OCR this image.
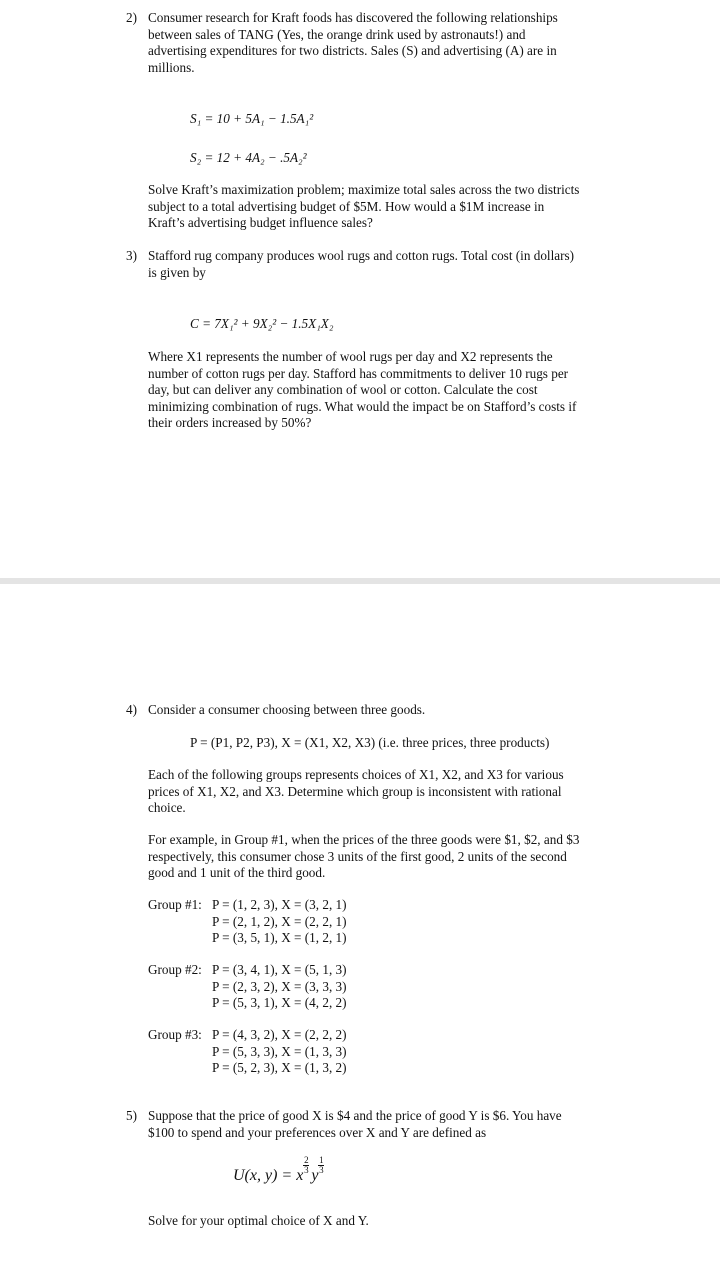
2) Consumer research for Kraft foods has discovered the following relationships
between sales of TANG (Yes, the orange drink used by astronauts!) and
advertising expenditures for two districts. Sales (S) and advertising (A) are in
millions.
S₁ = 10 + 5A₁ − 1.5A₁²
S₂ = 12 + 4A₂ − .5A₂²
Solve Kraft’s maximization problem; maximize total sales across the two districts
subject to a total advertising budget of $5M. How would a $1M increase in
Kraft’s advertising budget influence sales?
3) Stafford rug company produces wool rugs and cotton rugs. Total cost (in dollars)
is given by
C = 7X₁² + 9X₂² − 1.5X₁X₂
Where X1 represents the number of wool rugs per day and X2 represents the
number of cotton rugs per day. Stafford has commitments to deliver 10 rugs per
day, but can deliver any combination of wool or cotton. Calculate the cost
minimizing combination of rugs. What would the impact be on Stafford’s costs if
their orders increased by 50%?
4) Consider a consumer choosing between three goods.
P = (P1, P2, P3), X = (X1, X2, X3) (i.e. three prices, three products)
Each of the following groups represents choices of X1, X2, and X3 for various
prices of X1, X2, and X3. Determine which group is inconsistent with rational
choice.
For example, in Group #1, when the prices of the three goods were $1, $2, and $3
respectively, this consumer chose 3 units of the first good, 2 units of the second
good and 1 unit of the third good.
Group #1: P = (1, 2, 3), X = (3, 2, 1)
P = (2, 1, 2), X = (2, 2, 1)
P = (3, 5, 1), X = (1, 2, 1)
Group #2: P = (3, 4, 1), X = (5, 1, 3)
P = (2, 3, 2), X = (3, 3, 3)
P = (5, 3, 1), X = (4, 2, 2)
Group #3: P = (4, 3, 2), X = (2, 2, 2)
P = (5, 3, 3), X = (1, 3, 3)
P = (5, 2, 3), X = (1, 3, 2)
5) Suppose that the price of good X is $4 and the price of good Y is $6. You have
$100 to spend and your preferences over X and Y are defined as
U(x, y) = x
$\frac{2}{3}$
y
$\frac{1}{3}$
Solve for your optimal choice of X and Y.
